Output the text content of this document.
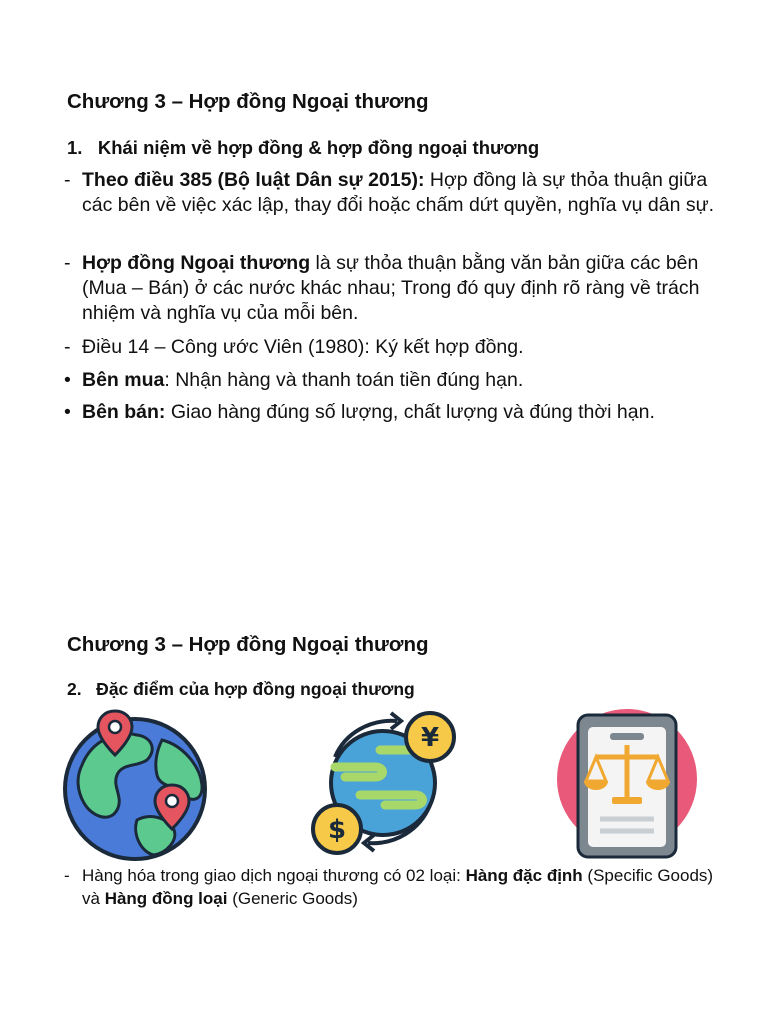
Chương 3 – Hợp đồng Ngoại thương
1.   Khái niệm về hợp đồng & hợp đồng ngoại thương
- Theo điều 385 (Bộ luật Dân sự 2015): Hợp đồng là sự thỏa thuận giữa các bên về việc xác lập, thay đổi hoặc chấm dứt quyền, nghĩa vụ dân sự.
- Hợp đồng Ngoại thương là sự thỏa thuận bằng văn bản giữa các bên (Mua – Bán) ở các nước khác nhau; Trong đó quy định rõ ràng về trách nhiệm và nghĩa vụ của mỗi bên.
- Điều 14 – Công ước Viên (1980): Ký kết hợp đồng.
• Bên mua: Nhận hàng và thanh toán tiền đúng hạn.
• Bên bán: Giao hàng đúng số lượng, chất lượng và đúng thời hạn.
Chương 3 – Hợp đồng Ngoại thương
2.   Đặc điểm của hợp đồng ngoại thương
¥
$
- Hàng hóa trong giao dịch ngoại thương có 02 loại: Hàng đặc định (Specific Goods) và Hàng đồng loại (Generic Goods)
